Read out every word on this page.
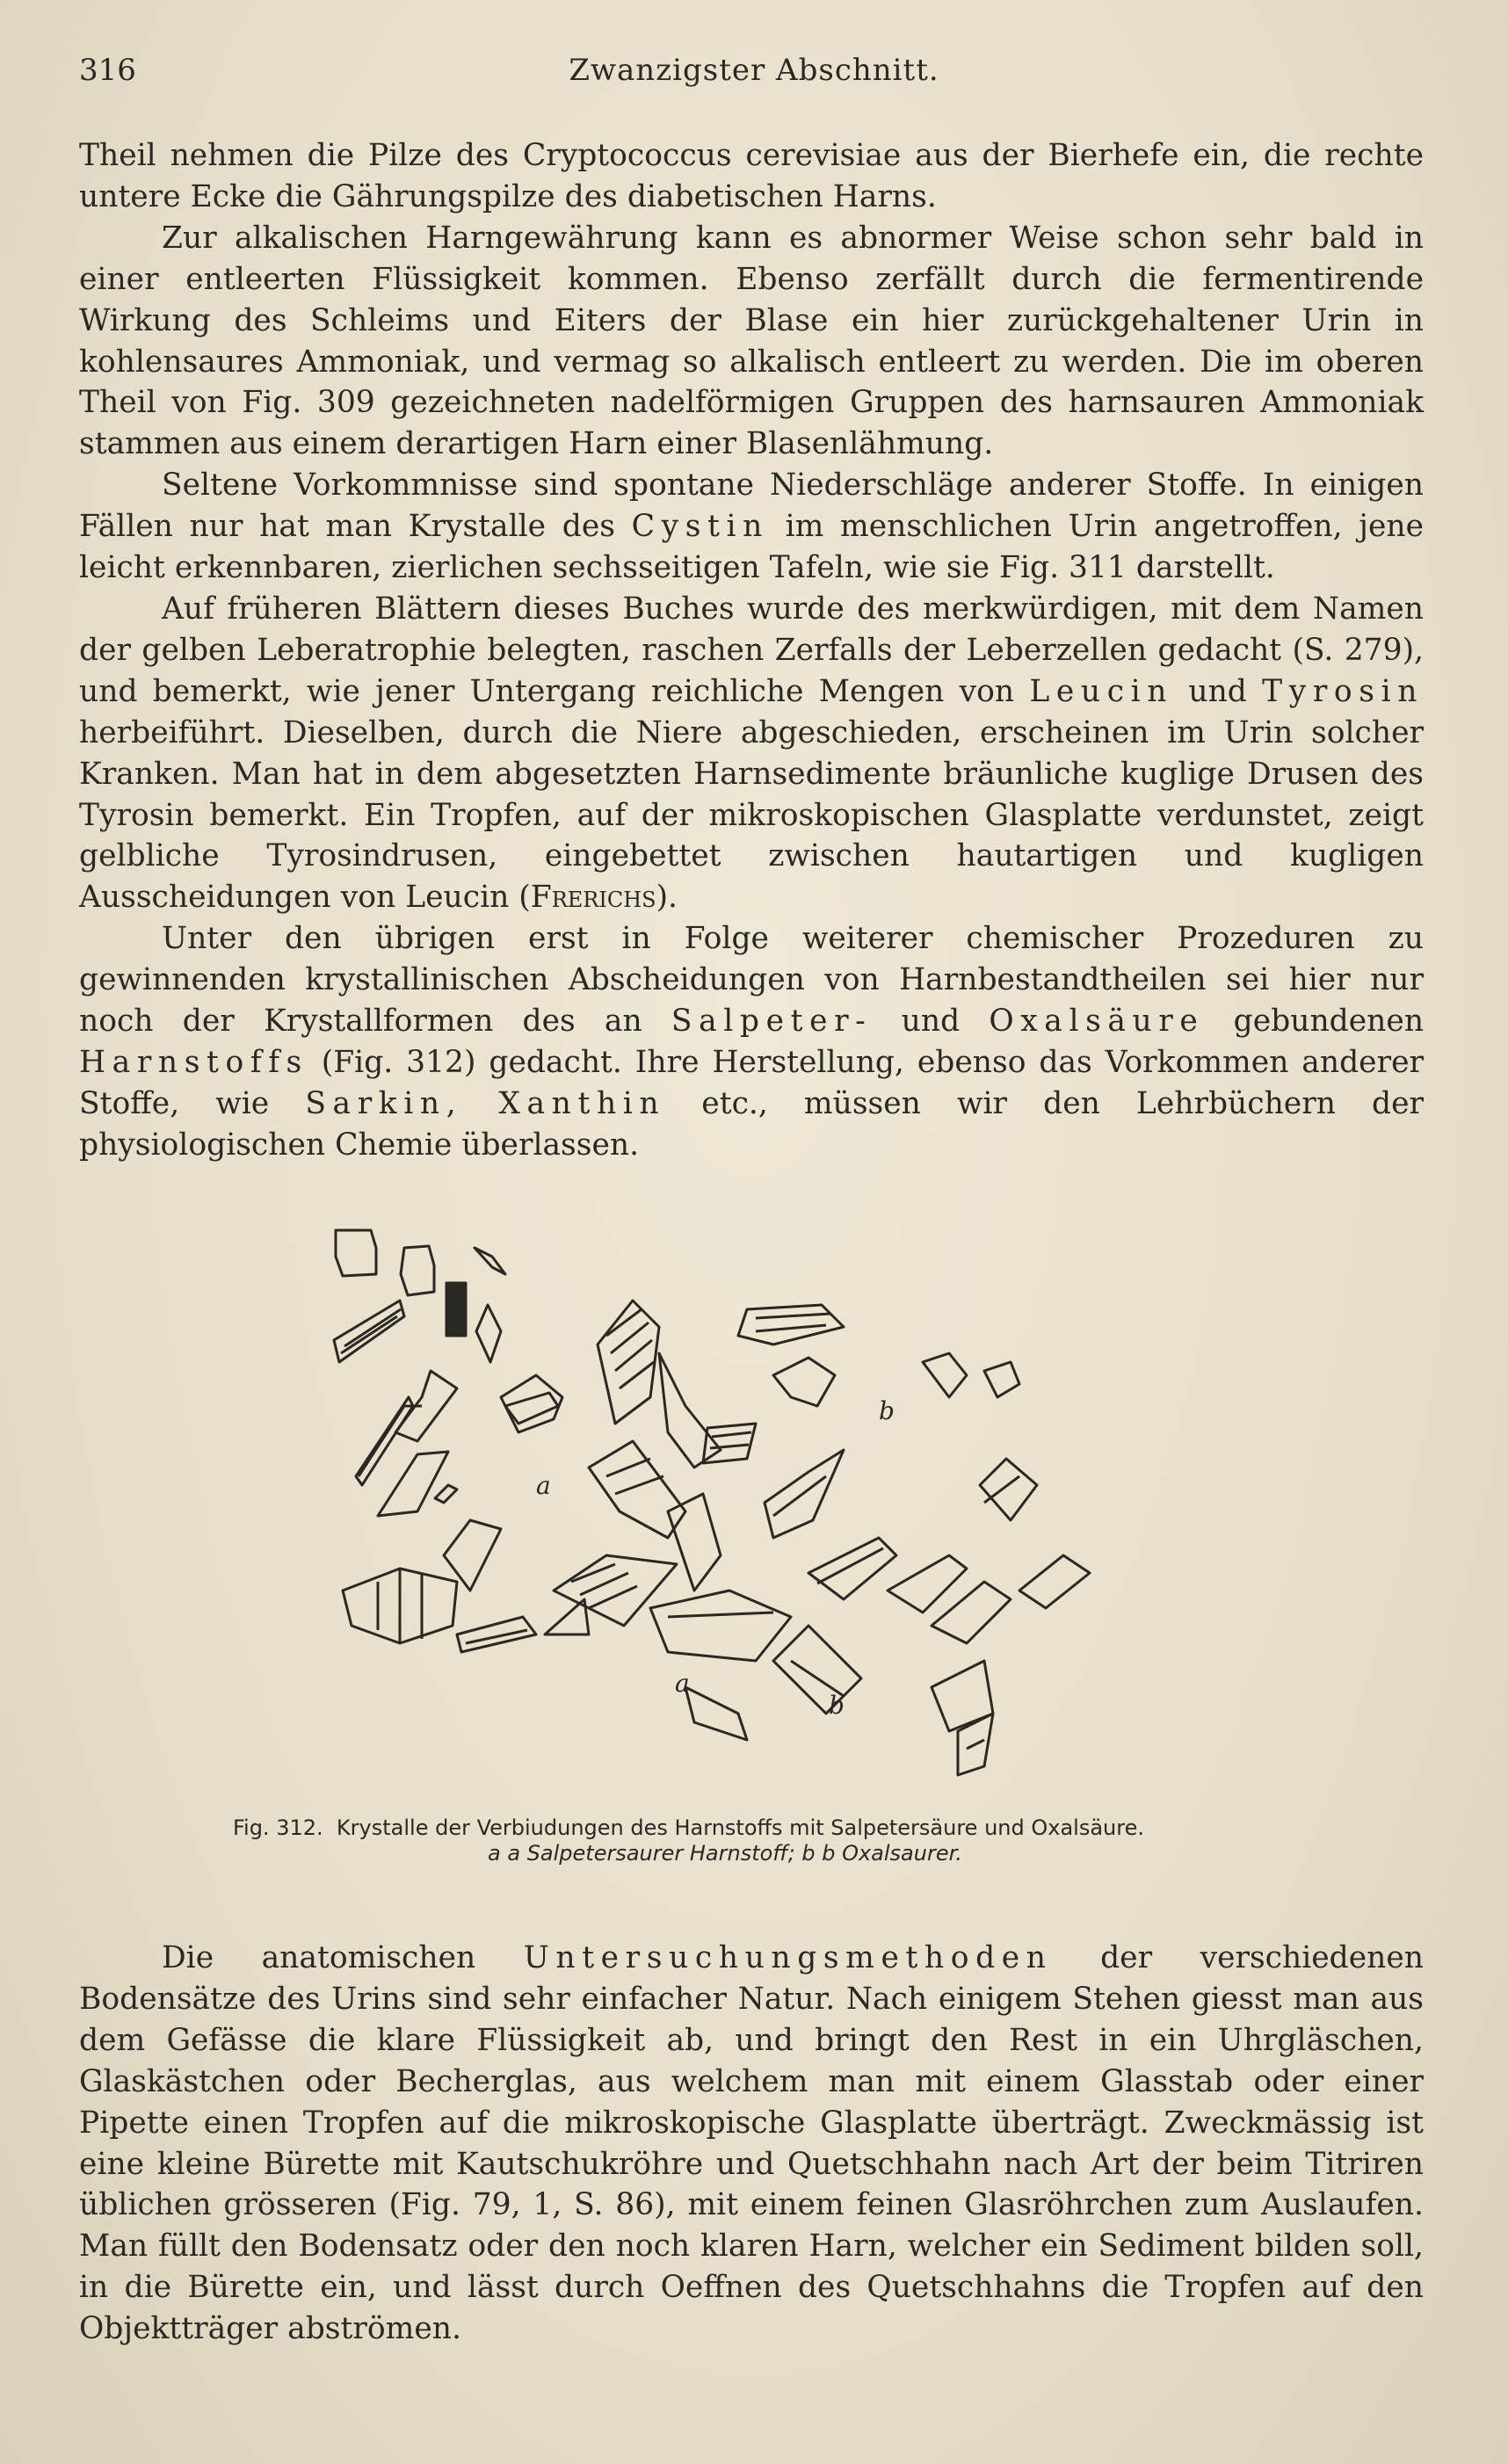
316	Zwanzigster Abschnitt.

Theil nehmen die Pilze des Cryptococcus cerevisiae aus der Bierhefe ein, die rechte untere Ecke die Gährungspilze des diabetischen Harns.

Zur alkalischen Harngewährung kann es abnormer Weise schon sehr bald in einer entleerten Flüssigkeit kommen. Ebenso zerfällt durch die fermentirende Wirkung des Schleims und Eiters der Blase ein hier zurückgehaltener Urin in kohlensaures Ammoniak, und vermag so alkalisch entleert zu werden. Die im oberen Theil von Fig. 309 gezeichneten nadelförmigen Gruppen des harnsauren Ammoniak stammen aus einem derartigen Harn einer Blasenlähmung.

Seltene Vorkommnisse sind spontane Niederschläge anderer Stoffe. In einigen Fällen nur hat man Krystalle des Cystin im menschlichen Urin angetroffen, jene leicht erkennbaren, zierlichen sechsseitigen Tafeln, wie sie Fig. 311 darstellt.

Auf früheren Blättern dieses Buches wurde des merkwürdigen, mit dem Namen der gelben Leberatrophie belegten, raschen Zerfalls der Leberzellen gedacht (S. 279), und bemerkt, wie jener Untergang reichliche Mengen von Leucin und Tyrosin herbeiführt. Dieselben, durch die Niere abgeschieden, erscheinen im Urin solcher Kranken. Man hat in dem abgesetzten Harnsedimente bräunliche kuglige Drusen des Tyrosin bemerkt. Ein Tropfen, auf der mikroskopischen Glasplatte verdunstet, zeigt gelbliche Tyrosindrusen, eingebettet zwischen hautartigen und kugligen Ausscheidungen von Leucin (Frerichs).

Unter den übrigen erst in Folge weiterer chemischer Prozeduren zu gewinnenden krystallinischen Abscheidungen von Harnbestandtheilen sei hier nur noch der Krystallformen des an Salpeter- und Oxalsäure gebundenen Harnstoffs (Fig. 312) gedacht. Ihre Herstellung, ebenso das Vorkommen anderer Stoffe, wie Sarkin, Xanthin etc., müssen wir den Lehrbüchern der physiologischen Chemie überlassen.

a
a
b
b
Fig. 312. Krystalle der Verbiudungen des Harnstoffs mit Salpetersäure und Oxalsäure.
a a Salpetersaurer Harnstoff; b b Oxalsaurer.

Die anatomischen Untersuchungsmethoden der verschiedenen Bodensätze des Urins sind sehr einfacher Natur. Nach einigem Stehen giesst man aus dem Gefässe die klare Flüssigkeit ab, und bringt den Rest in ein Uhrgläschen, Glaskästchen oder Becherglas, aus welchem man mit einem Glasstab oder einer Pipette einen Tropfen auf die mikroskopische Glasplatte überträgt. Zweckmässig ist eine kleine Bürette mit Kautschukröhre und Quetschhahn nach Art der beim Titriren üblichen grösseren (Fig. 79, 1, S. 86), mit einem feinen Glasröhrchen zum Auslaufen. Man füllt den Bodensatz oder den noch klaren Harn, welcher ein Sediment bilden soll, in die Bürette ein, und lässt durch Oeffnen des Quetschhahns die Tropfen auf den Objektträger abströmen.
